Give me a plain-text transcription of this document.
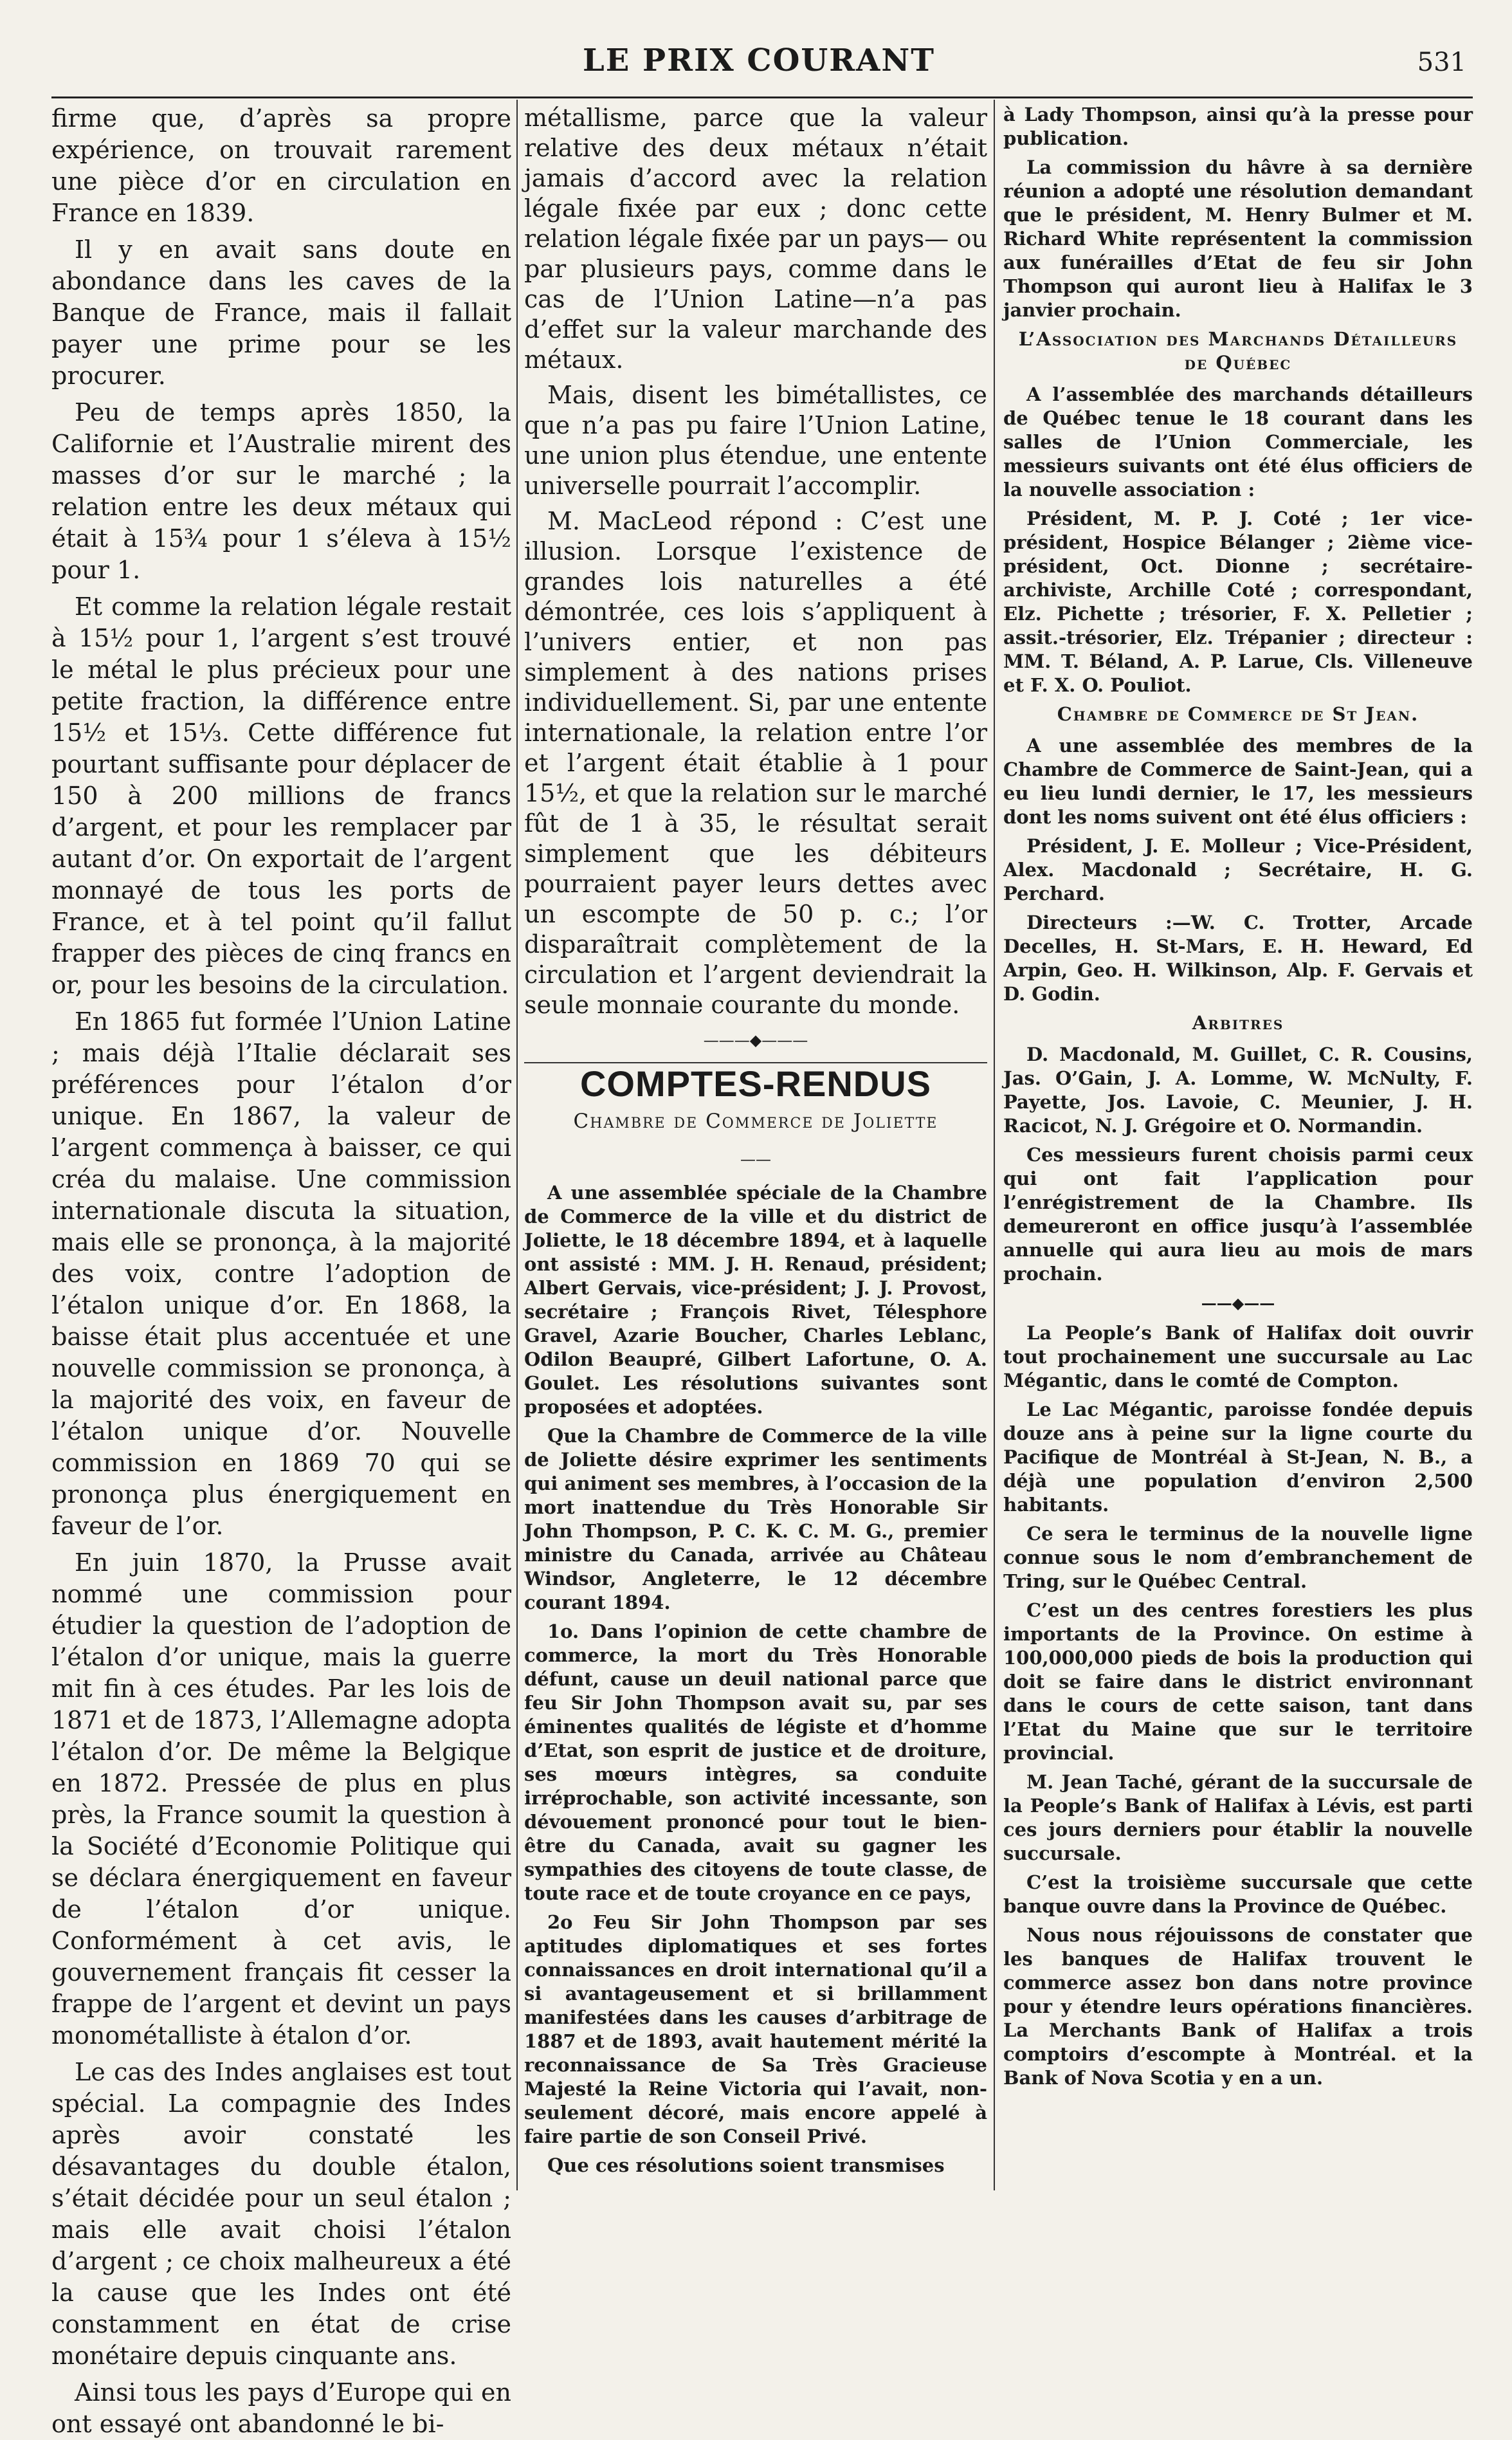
LE PRIX COURANT	531

firme que, d’après sa propre expérience, on trouvait rarement une pièce d’or en circulation en France en 1839.

Il y en avait sans doute en abondance dans les caves de la Banque de France, mais il fallait payer une prime pour se les procurer.

Peu de temps après 1850, la Californie et l’Australie mirent des masses d’or sur le marché ; la relation entre les deux métaux qui était à 15¾ pour 1 s’éleva à 15½ pour 1.

Et comme la relation légale restait à 15½ pour 1, l’argent s’est trouvé le métal le plus précieux pour une petite fraction, la différence entre 15½ et 15⅓. Cette différence fut pourtant suffisante pour déplacer de 150 à 200 millions de francs d’argent, et pour les remplacer par autant d’or. On exportait de l’argent monnayé de tous les ports de France, et à tel point qu’il fallut frapper des pièces de cinq francs en or, pour les besoins de la circulation.

En 1865 fut formée l’Union Latine ; mais déjà l’Italie déclarait ses préférences pour l’étalon d’or unique. En 1867, la valeur de l’argent commença à baisser, ce qui créa du malaise. Une commission internationale discuta la situation, mais elle se prononça, à la majorité des voix, contre l’adoption de l’étalon unique d’or. En 1868, la baisse était plus accentuée et une nouvelle commission se prononça, à la majorité des voix, en faveur de l’étalon unique d’or. Nouvelle commission en 1869 70 qui se prononça plus énergiquement en faveur de l’or.

En juin 1870, la Prusse avait nommé une commission pour étudier la question de l’adoption de l’étalon d’or unique, mais la guerre mit fin à ces études. Par les lois de 1871 et de 1873, l’Allemagne adopta l’étalon d’or. De même la Belgique en 1872. Pressée de plus en plus près, la France soumit la question à la Société d’Economie Politique qui se déclara énergiquement en faveur de l’étalon d’or unique. Conformément à cet avis, le gouvernement français fit cesser la frappe de l’argent et devint un pays monométalliste à étalon d’or.

Le cas des Indes anglaises est tout spécial. La compagnie des Indes après avoir constaté les désavantages du double étalon, s’était décidée pour un seul étalon ; mais elle avait choisi l’étalon d’argent ; ce choix malheureux a été la cause que les Indes ont été constamment en état de crise monétaire depuis cinquante ans.

Ainsi tous les pays d’Europe qui en ont essayé ont abandonné le bi-

métallisme, parce que la valeur relative des deux métaux n’était jamais d’accord avec la relation légale fixée par eux ; donc cette relation légale fixée par un pays— ou par plusieurs pays, comme dans le cas de l’Union Latine—n’a pas d’effet sur la valeur marchande des métaux.

Mais, disent les bimétallistes, ce que n’a pas pu faire l’Union Latine, une union plus étendue, une entente universelle pourrait l’accomplir.

M. MacLeod répond : C’est une illusion. Lorsque l’existence de grandes lois naturelles a été démontrée, ces lois s’appliquent à l’univers entier, et non pas simplement à des nations prises individuellement. Si, par une entente internationale, la relation entre l’or et l’argent était établie à 1 pour 15½, et que la relation sur le marché fût de 1 à 35, le résultat serait simplement que les débiteurs pourraient payer leurs dettes avec un escompte de 50 p. c.; l’or disparaîtrait complètement de la circulation et l’argent deviendrait la seule monnaie courante du monde.

———◆———
COMPTES-RENDUS
Chambre de Commerce de Joliette
——

A une assemblée spéciale de la Chambre de Commerce de la ville et du district de Joliette, le 18 décembre 1894, et à laquelle ont assisté : MM. J. H. Renaud, président; Albert Gervais, vice-président; J. J. Provost, secrétaire ; François Rivet, Télesphore Gravel, Azarie Boucher, Charles Leblanc, Odilon Beaupré, Gilbert Lafortune, O. A. Goulet. Les résolutions suivantes sont proposées et adoptées.

Que la Chambre de Commerce de la ville de Joliette désire exprimer les sentiments qui animent ses membres, à l’occasion de la mort inattendue du Très Honorable Sir John Thompson, P. C. K. C. M. G., premier ministre du Canada, arrivée au Château Windsor, Angleterre, le 12 décembre courant 1894.

1o. Dans l’opinion de cette chambre de commerce, la mort du Très Honorable défunt, cause un deuil national parce que feu Sir John Thompson avait su, par ses éminentes qualités de légiste et d’homme d’Etat, son esprit de justice et de droiture, ses mœurs intègres, sa conduite irréprochable, son activité incessante, son dévouement prononcé pour tout le bien-être du Canada, avait su gagner les sympathies des citoyens de toute classe, de toute race et de toute croyance en ce pays,

2o Feu Sir John Thompson par ses aptitudes diplomatiques et ses fortes connaissances en droit international qu’il a si avantageusement et si brillamment manifestées dans les causes d’arbitrage de 1887 et de 1893, avait hautement mérité la reconnaissance de Sa Très Gracieuse Majesté la Reine Victoria qui l’avait, non-seulement décoré, mais encore appelé à faire partie de son Conseil Privé.

Que ces résolutions soient transmises

à Lady Thompson, ainsi qu’à la presse pour publication.

La commission du hâvre à sa dernière réunion a adopté une résolution demandant que le président, M. Henry Bulmer et M. Richard White représentent la commission aux funérailles d’Etat de feu sir John Thompson qui auront lieu à Halifax le 3 janvier prochain.

L’Association des Marchands Détailleurs de Québec

A l’assemblée des marchands détailleurs de Québec tenue le 18 courant dans les salles de l’Union Commerciale, les messieurs suivants ont été élus officiers de la nouvelle association :

Président, M. P. J. Coté ; 1er vice-président, Hospice Bélanger ; 2ième vice-président, Oct. Dionne ; secrétaire-archiviste, Archille Coté ; correspondant, Elz. Pichette ; trésorier, F. X. Pelletier ; assit.-trésorier, Elz. Trépanier ; directeur : MM. T. Béland, A. P. Larue, Cls. Villeneuve et F. X. O. Pouliot.

Chambre de Commerce de St Jean.

A une assemblée des membres de la Chambre de Commerce de Saint-Jean, qui a eu lieu lundi dernier, le 17, les messieurs dont les noms suivent ont été élus officiers :

Président, J. E. Molleur ; Vice-Président, Alex. Macdonald ; Secrétaire, H. G. Perchard.

Directeurs :—W. C. Trotter, Arcade Decelles, H. St-Mars, E. H. Heward, Ed Arpin, Geo. H. Wilkinson, Alp. F. Gervais et D. Godin.

Arbitres

D. Macdonald, M. Guillet, C. R. Cousins, Jas. O’Gain, J. A. Lomme, W. McNulty, F. Payette, Jos. Lavoie, C. Meunier, J. H. Racicot, N. J. Grégoire et O. Normandin.

Ces messieurs furent choisis parmi ceux qui ont fait l’application pour l’enrégistrement de la Chambre. Ils demeureront en office jusqu’à l’assemblée annuelle qui aura lieu au mois de mars prochain.

——◆——

La People’s Bank of Halifax doit ouvrir tout prochainement une succursale au Lac Mégantic, dans le comté de Compton.

Le Lac Mégantic, paroisse fondée depuis douze ans à peine sur la ligne courte du Pacifique de Montréal à St-Jean, N. B., a déjà une population d’environ 2,500 habitants.

Ce sera le terminus de la nouvelle ligne connue sous le nom d’embranchement de Tring, sur le Québec Central.

C’est un des centres forestiers les plus importants de la Province. On estime à 100,000,000 pieds de bois la production qui doit se faire dans le district environnant dans le cours de cette saison, tant dans l’Etat du Maine que sur le territoire provincial.

M. Jean Taché, gérant de la succursale de la People’s Bank of Halifax à Lévis, est parti ces jours derniers pour établir la nouvelle succursale.

C’est la troisième succursale que cette banque ouvre dans la Province de Québec.

Nous nous réjouissons de constater que les banques de Halifax trouvent le commerce assez bon dans notre province pour y étendre leurs opérations financières. La Merchants Bank of Halifax a trois comptoirs d’escompte à Montréal. et la Bank of Nova Scotia y en a un.
